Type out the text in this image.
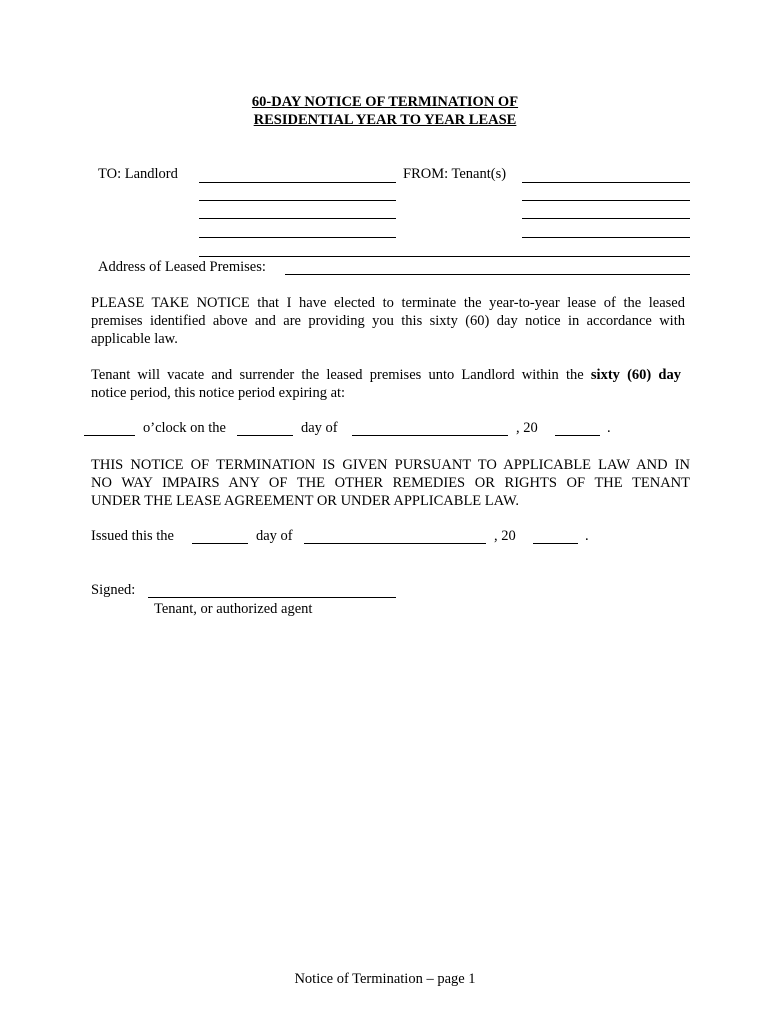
60-DAY NOTICE OF TERMINATION OF
RESIDENTIAL YEAR TO YEAR LEASE
TO: Landlord	FROM: Tenant(s)
Address of Leased Premises:
PLEASE TAKE NOTICE that I have elected to terminate the year-to-year lease of the leased
premises identified above and are providing you this sixty (60) day notice in accordance with
applicable law.
Tenant will vacate and surrender the leased premises unto Landlord within the sixty (60) day
notice period, this notice period expiring at:
o’clock on the	day of	, 20	.
THIS NOTICE OF TERMINATION IS GIVEN PURSUANT TO APPLICABLE LAW AND IN
NO WAY IMPAIRS ANY OF THE OTHER REMEDIES OR RIGHTS OF THE TENANT
UNDER THE LEASE AGREEMENT OR UNDER APPLICABLE LAW.
Issued this the	day of	, 20	.
Signed:
Tenant, or authorized agent
Notice of Termination – page 1
